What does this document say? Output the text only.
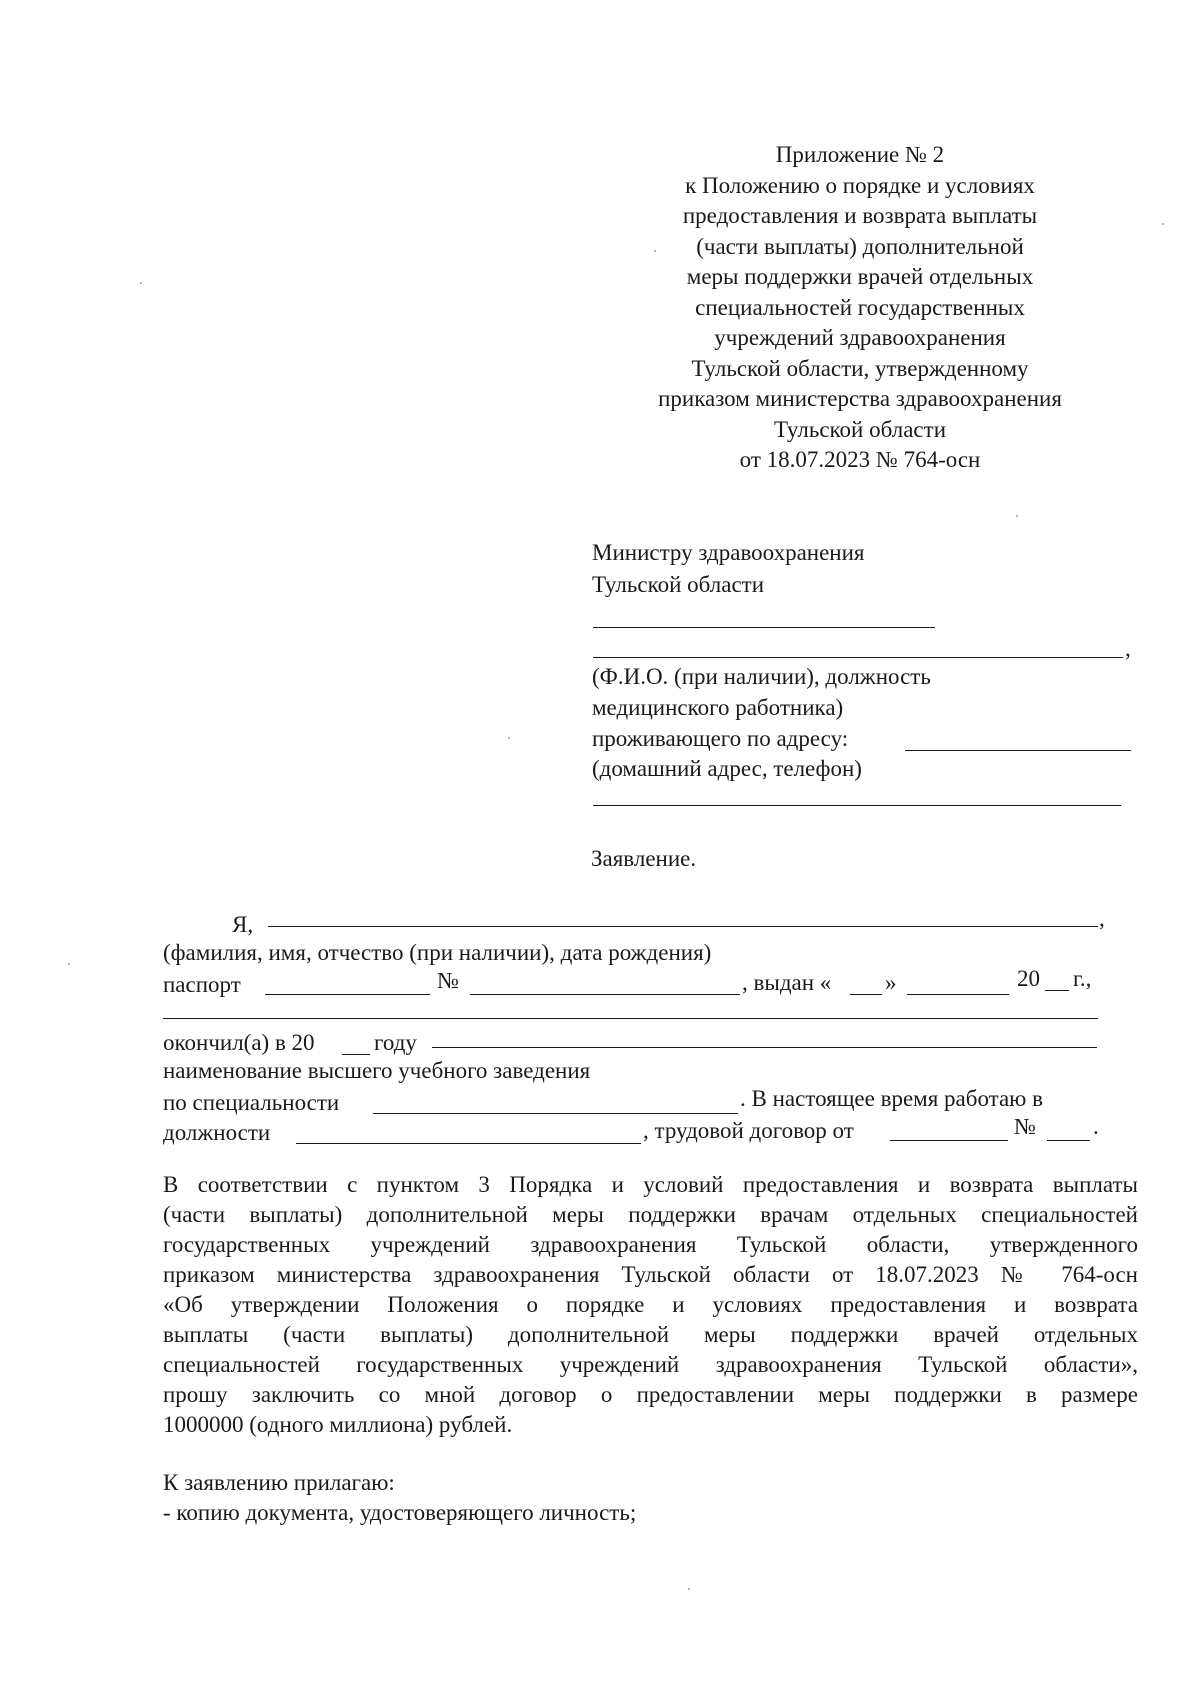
Приложение № 2
к Положению о порядке и условиях
предоставления и возврата выплаты
(части выплаты) дополнительной
меры поддержки врачей отдельных
специальностей государственных
учреждений здравоохранения
Тульской области, утвержденному
приказом министерства здравоохранения
Тульской области
от 18.07.2023 № 764-осн
Министру здравоохранения
Тульской области
,
(Ф.И.О. (при наличии), должность
медицинского работника)
проживающего по адресу:
(домашний адрес, телефон)
Заявление.
Я,	,
(фамилия, имя, отчество (при наличии), дата рождения)
паспорт	№	, выдан « »	20 г.,
окончил(а) в 20	году
наименование высшего учебного заведения
по специальности	. В настоящее время работаю в
должности	, трудовой договор от	№ .
В соответствии с пунктом 3 Порядка и условий предоставления и возврата выплаты
(части выплаты) дополнительной меры поддержки врачам отдельных специальностей
государственных учреждений здравоохранения Тульской области, утвержденного
приказом министерства здравоохранения Тульской области от 18.07.2023 № 764-осн
«Об утверждении Положения о порядке и условиях предоставления и возврата
выплаты (части выплаты) дополнительной меры поддержки врачей отдельных
специальностей государственных учреждений здравоохранения Тульской области»,
прошу заключить со мной договор о предоставлении меры поддержки в размере
1000000 (одного миллиона) рублей.
К заявлению прилагаю:
- копию документа, удостоверяющего личность;
